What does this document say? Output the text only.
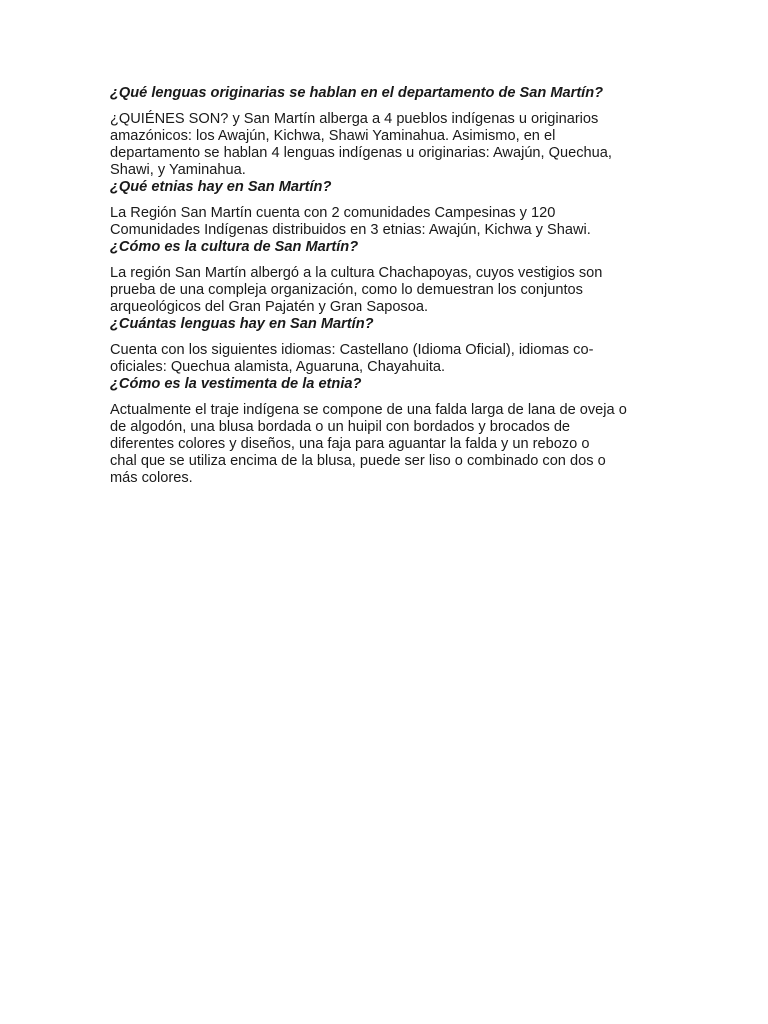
¿Qué lenguas originarias se hablan en el departamento de San Martín?

¿QUIÉNES SON? y San Martín alberga a 4 pueblos indígenas u originarios
amazónicos: los Awajún, Kichwa, Shawi Yaminahua. Asimismo, en el
departamento se hablan 4 lenguas indígenas u originarias: Awajún, Quechua,
Shawi, y Yaminahua.

¿Qué etnias hay en San Martín?

La Región San Martín cuenta con 2 comunidades Campesinas y 120
Comunidades Indígenas distribuidos en 3 etnias: Awajún, Kichwa y Shawi.

¿Cómo es la cultura de San Martín?

La región San Martín albergó a la cultura Chachapoyas, cuyos vestigios son
prueba de una compleja organización, como lo demuestran los conjuntos
arqueológicos del Gran Pajatén y Gran Saposoa.

¿Cuántas lenguas hay en San Martín?

Cuenta con los siguientes idiomas: Castellano (Idioma Oficial), idiomas co-
oficiales: Quechua alamista, Aguaruna, Chayahuita.

¿Cómo es la vestimenta de la etnia?

Actualmente el traje indígena se compone de una falda larga de lana de oveja o
de algodón, una blusa bordada o un huipil con bordados y brocados de
diferentes colores y diseños, una faja para aguantar la falda y un rebozo o
chal que se utiliza encima de la blusa, puede ser liso o combinado con dos o
más colores.
